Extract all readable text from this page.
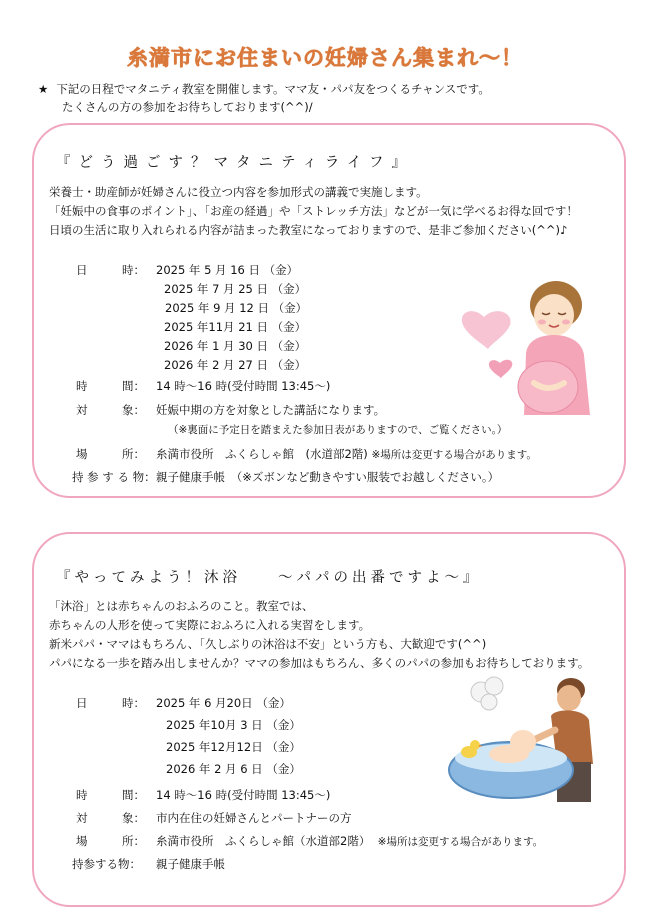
糸満市にお住まいの妊婦さん集まれ～！
★ 下記の日程でマタニティ教室を開催します。ママ友・パパ友をつくるチャンスです。
たくさんの方の参加をお待ちしております(^^)/
『どう過ごす？マタニティライフ』
栄養士・助産師が妊婦さんに役立つ内容を参加形式の講義で実施します。
「妊娠中の食事のポイント」、「お産の経過」や「ストレッチ方法」などが一気に学べるお得な回です！
日頃の生活に取り入れられる内容が詰まった教室になっておりますので、是非ご参加ください(^^)♪
日　　　時： 2025 年 5 月 16 日 （金）
2025 年 7 月 25 日 （金）
2025 年 9 月 12 日 （金）
2025 年11月 21 日 （金）
2026 年 1 月 30 日 （金）
2026 年 2 月 27 日 （金）
時　　　間： 14 時～16 時(受付時間 13:45～)
対　　　象： 妊娠中期の方を対象とした講話になります。
（※裏面に予定日を踏まえた参加日表がありますので、ご覧ください。）
場　　　所： 糸満市役所　ふくらしゃ館　(水道部2階) ※場所は変更する場合があります。
持 参 す る 物： 親子健康手帳　（※ズボンなど動きやすい服装でお越しください。）
『やってみよう！沐浴　　～パパの出番ですよ～』
「沐浴」とは赤ちゃんのおふろのこと。教室では、
赤ちゃんの人形を使って実際におふろに入れる実習をします。
新米パパ・ママはもちろん、「久しぶりの沐浴は不安」という方も、大歓迎です(^^)
パパになる一歩を踏み出しませんか？ママの参加はもちろん、多くのパパの参加もお待ちしております。
日　　　時： 2025 年 6 月20日 （金）
2025 年10月 3 日 （金）
2025 年12月12日 （金）
2026 年 2 月 6 日 （金）
時　　　間： 14 時～16 時(受付時間 13:45～)
対　　　象： 市内在住の妊婦さんとパートナーの方
場　　　所： 糸満市役所　ふくらしゃ館（水道部2階） ※場所は変更する場合があります。
持参する物：	親子健康手帳
